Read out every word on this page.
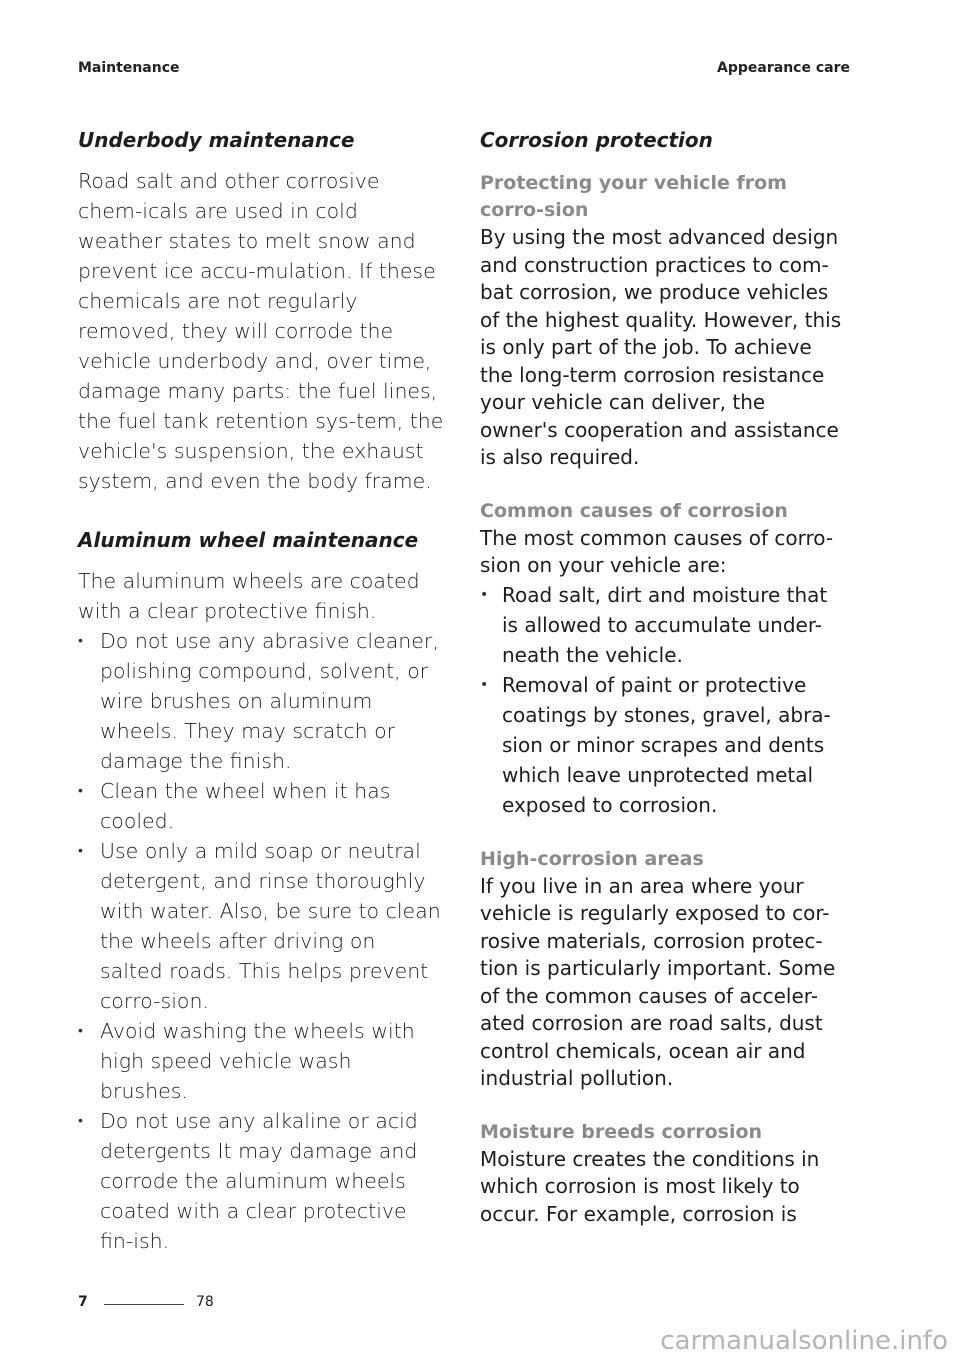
Maintenance	Appearance care
Underbody maintenance

Road salt and other corrosive chem-icals are used in cold weather states to melt snow and prevent ice accu-mulation. If these chemicals are not regularly removed, they will corrode the vehicle underbody and, over time, damage many parts: the fuel lines, the fuel tank retention sys-tem, the vehicle's suspension, the exhaust system, and even the body frame.

Aluminum wheel maintenance

The aluminum wheels are coated with a clear protective finish.

• Do not use any abrasive cleaner, polishing compound, solvent, or wire brushes on aluminum wheels. They may scratch or damage the finish.
• Clean the wheel when it has cooled.
• Use only a mild soap or neutral detergent, and rinse thoroughly with water. Also, be sure to clean the wheels after driving on salted roads. This helps prevent corro-sion.
• Avoid washing the wheels with high speed vehicle wash brushes.
• Do not use any alkaline or acid detergents It may damage and corrode the aluminum wheels coated with a clear protective fin-ish.
Corrosion protection
Protecting your vehicle from corro-sion

By using the most advanced design and construction practices to com-bat corrosion, we produce vehicles of the highest quality. However, this is only part of the job. To achieve the long-term corrosion resistance your vehicle can deliver, the owner's cooperation and assistance is also required.

Common causes of corrosion

The most common causes of corro-sion on your vehicle are:

• Road salt, dirt and moisture that is allowed to accumulate under-neath the vehicle.
• Removal of paint or protective coatings by stones, gravel, abra-sion or minor scrapes and dents which leave unprotected metal exposed to corrosion.
High-corrosion areas

If you live in an area where your vehicle is regularly exposed to cor-rosive materials, corrosion protec-tion is particularly important. Some of the common causes of acceler-ated corrosion are road salts, dust control chemicals, ocean air and industrial pollution.

Moisture breeds corrosion

Moisture creates the conditions in which corrosion is most likely to occur. For example, corrosion is

7	78
carmanualsonline.info
